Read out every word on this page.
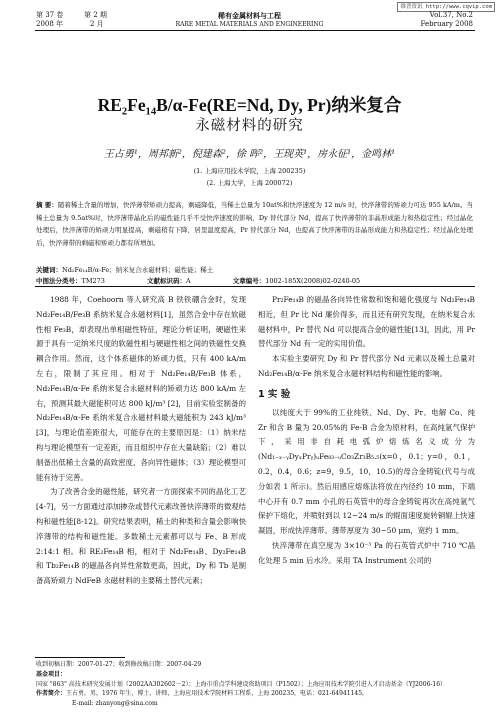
维普资讯 http://www.cqvip.com
第 37 卷	第 2 期	稀有金属材料与工程	Vol.37, No.2
2008 年	2 月	RARE METAL MATERIALS AND ENGINEERING	February 2008
RE₂Fe₁₄B/α-Fe(RE=Nd, Dy, Pr)纳米复合
永磁材料的研究
王占勇¹，周邦新²，倪建森²，徐 晖²，王现英¹，房永征¹，金鸣林¹
(1. 上海应用技术学院，上海 200235)
(2. 上海大学，上海 200072)
摘 要：随着稀土含量的增加，快淬薄带矫顽力提高，剩磁降低，当稀土总量为 10at%和快淬速度为 12 m/s 时，快淬薄带的矫顽力可达 955 kA/m。当稀土总量为 9.5at%时，快淬薄带晶化后的磁性能几乎不受快淬速度的影响，Dy 替代部分 Nd，提高了快淬薄带的非晶形成能力和热稳定性；经过晶化处理后，快淬薄带的矫顽力明显提高，剩磁稍有下降，居里温度提高，Pr 替代部分 Nd，也提高了快淬薄带的非晶形成能力和热稳定性；经过晶化处理后，快淬薄带的剩磁和矫顽力都有所增加。
关键词：Nd₂Fe₁₄B/α-Fe；纳米复合永磁材料；磁性能；稀土
中图法分类号：TM273	文献标识码：A	文章编号：1002-185X(2008)02-0240-05

1988 年，Coehoorn 等人研究高 B 铁铁硼合金时，发现 Nd₂Fe₁₄B/Fe₃B 系纳米复合永磁材料[1]，虽然合金中存在软磁性相 Fe₃B，却表现出单相磁性特征，理论分析证明，硬磁性来源于具有一定纳米尺度的软磁性相与硬磁性相之间的铁磁性交换耦合作用。然而，这个体系磁体的矫顽力低，只有 400 kA/m 左右，限制了其应用。相对于 Nd₂Fe₁₄B/Fe₃B 体系，Nd₂Fe₁₄B/α-Fe 系纳米复合永磁材料的矫顽力达 800 kA/m 左右，预测其最大磁能积可达 800 kJ/m³ [2]，目前实验室制备的 Nd₂Fe₁₄B/α-Fe 系纳米复合永磁材料最大磁能积为 243 kJ/m³ [3]，与理论值差距很大，可能存在的主要原因是：（1）纳米结构与理论模型有一定差距，而且组织中存在大量缺陷；（2）难以制备出低稀土含量的高致密度、各向异性磁体；（3）理论模型可能有待于完善。

为了改善合金的磁性能，研究者一方面探索不同的晶化工艺[4-7]，另一方面通过添加掺杂或替代元素改善快淬薄带的微观结构和磁性能[8-12]。研究结果表明，稀土的种类和含量会影响快淬薄带的结构和磁性能。多数稀土元素都可以与 Fe、B 形成 2:14:1 相。和 RE₂Fe₁₄B 相，相对于 Nd₂Fe₁₄B、Dy₂Fe₁₄B 和 Tb₂Fe₁₄B 的磁晶各向异性常数更高，因此，Dy 和 Tb 是制备高矫顽力 NdFeB 永磁材料的主要稀土替代元素；

Pr₂Fe₁₄B 的磁晶各向异性常数和饱和磁化强度与 Nd₂Fe₁₄B 相近，但 Pr 比 Nd 廉价得多，而且还有研究发现，在纳米复合永磁材料中，Pr 替代 Nd 可以提高合金的磁性能[13]，因此，用 Pr 替代部分 Nd 有一定的实用价值。

本实验主要研究 Dy 和 Pr 替代部分 Nd 元素以及稀土总量对 Nd₂Fe₁₄B/α-Fe 纳米复合永磁材料结构和磁性能的影响。

1 实 验

以纯度大于 99%的工业纯铁、Nd、Dy、Pr、电解 Co、纯 Zr 和含 B 量为 20.05%的 Fe-B 合金为原材料，在高纯氩气保护下，采用非自耗电弧炉熔炼名义成分为(Nd₁₋ₓ₋ᵧDyₓPrᵧ)ᵤFe₈₃₋ᵤCo₃Zr₃B₅.₅(x=0，0.1；y=0，0.1，0.2，0.4，0.6；z=9，9.5，10，10.5)的母合金铸锭(代号与成分如表 1 所示)。然后用感应熔炼法将放在内径约 10 mm，下端中心开有 0.7 mm 小孔的石英管中的母合金铸锭再次在高纯氩气保护下熔化，并喷射到以 12~24 m/s 的辊面速度旋转铜辊上快速凝固，形成快淬薄带。薄带厚度为 30~50 μm，宽约 1 mm。

快淬薄带在真空度为 3×10⁻³ Pa 的石英管式炉中 710 ℃晶化处理 5 min 后水冷。采用 TA Instrument 公司的

收到初稿日期：2007-01-27；收到修改稿日期：2007-04-29
基金项目：国家 "863" 高技术研究发展计划（2002AA302602－2）；上海市重点学科建设资助项目（P1502）；上海应用技术学院引进人才启动基金（YJ2006-16）
作者简介：王占勇，男，1976 年生，博士，讲师，上海应用技术学院材料工程系，上海 200235，电话：021-64941145，
E-mail: zhanyong@sina.com
